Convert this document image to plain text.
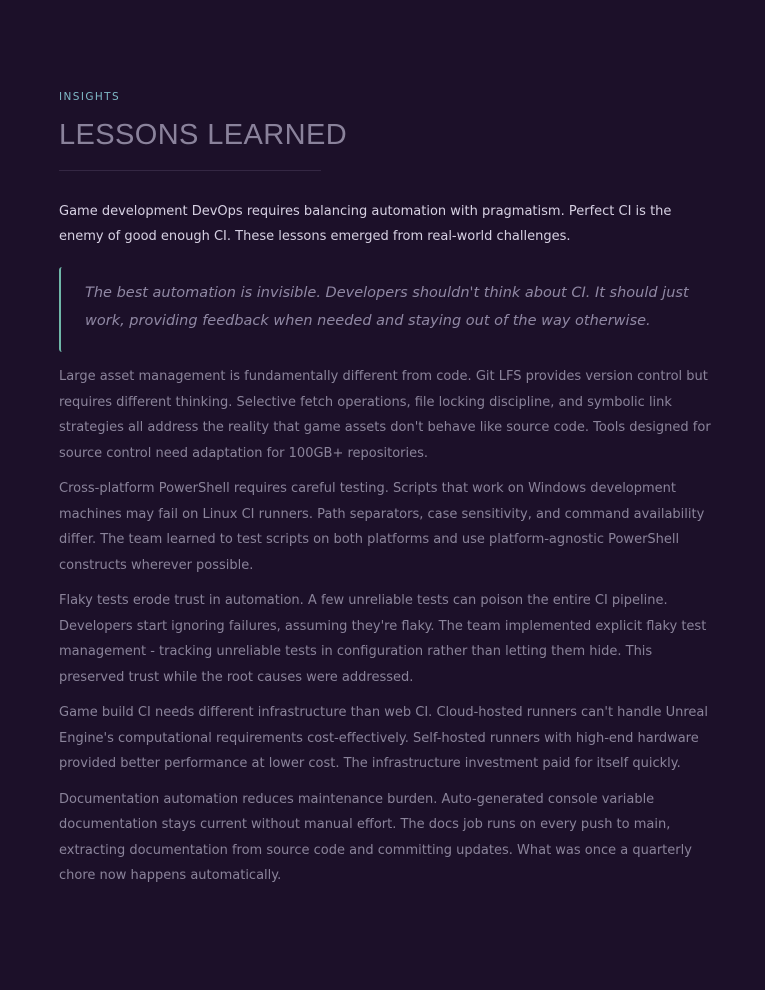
INSIGHTS

LESSONS LEARNED

Game development DevOps requires balancing automation with pragmatism. Perfect CI is the enemy of good enough CI. These lessons emerged from real-world challenges.

The best automation is invisible. Developers shouldn't think about CI. It should just work, providing feedback when needed and staying out of the way otherwise.

Large asset management is fundamentally different from code. Git LFS provides version control but requires different thinking. Selective fetch operations, file locking discipline, and symbolic link strategies all address the reality that game assets don't behave like source code. Tools designed for source control need adaptation for 100GB+ repositories.

Cross-platform PowerShell requires careful testing. Scripts that work on Windows development machines may fail on Linux CI runners. Path separators, case sensitivity, and command availability differ. The team learned to test scripts on both platforms and use platform-agnostic PowerShell constructs wherever possible.

Flaky tests erode trust in automation. A few unreliable tests can poison the entire CI pipeline. Developers start ignoring failures, assuming they're flaky. The team implemented explicit flaky test management - tracking unreliable tests in configuration rather than letting them hide. This preserved trust while the root causes were addressed.

Game build CI needs different infrastructure than web CI. Cloud-hosted runners can't handle Unreal Engine's computational requirements cost-effectively. Self-hosted runners with high-end hardware provided better performance at lower cost. The infrastructure investment paid for itself quickly.

Documentation automation reduces maintenance burden. Auto-generated console variable documentation stays current without manual effort. The docs job runs on every push to main, extracting documentation from source code and committing updates. What was once a quarterly chore now happens automatically.
